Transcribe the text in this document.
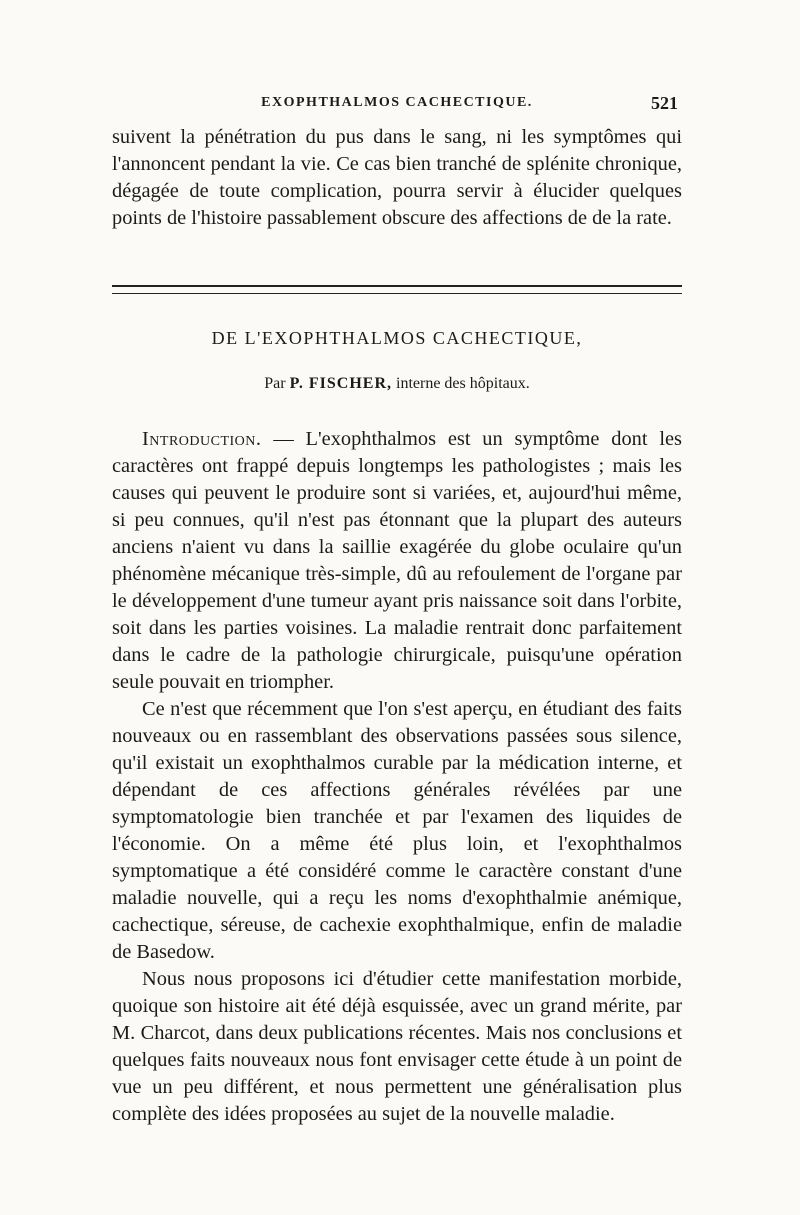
EXOPHTHALMOS CACHECTIQUE.	521

suivent la pénétration du pus dans le sang, ni les symptômes qui l'annoncent pendant la vie. Ce cas bien tranché de splénite chronique, dégagée de toute complication, pourra servir à élucider quelques points de l'histoire passablement obscure des affections de de la rate.

DE L'EXOPHTHALMOS CACHECTIQUE,
Par P. FISCHER, interne des hôpitaux.

Introduction. — L'exophthalmos est un symptôme dont les caractères ont frappé depuis longtemps les pathologistes ; mais les causes qui peuvent le produire sont si variées, et, aujourd'hui même, si peu connues, qu'il n'est pas étonnant que la plupart des auteurs anciens n'aient vu dans la saillie exagérée du globe oculaire qu'un phénomène mécanique très-simple, dû au refoulement de l'organe par le développement d'une tumeur ayant pris naissance soit dans l'orbite, soit dans les parties voisines. La maladie rentrait donc parfaitement dans le cadre de la pathologie chirurgicale, puisqu'une opération seule pouvait en triompher.

Ce n'est que récemment que l'on s'est aperçu, en étudiant des faits nouveaux ou en rassemblant des observations passées sous silence, qu'il existait un exophthalmos curable par la médication interne, et dépendant de ces affections générales révélées par une symptomatologie bien tranchée et par l'examen des liquides de l'économie. On a même été plus loin, et l'exophthalmos symptomatique a été considéré comme le caractère constant d'une maladie nouvelle, qui a reçu les noms d'exophthalmie anémique, cachectique, séreuse, de cachexie exophthalmique, enfin de maladie de Basedow.

Nous nous proposons ici d'étudier cette manifestation morbide, quoique son histoire ait été déjà esquissée, avec un grand mérite, par M. Charcot, dans deux publications récentes. Mais nos conclusions et quelques faits nouveaux nous font envisager cette étude à un point de vue un peu différent, et nous permettent une généralisation plus complète des idées proposées au sujet de la nouvelle maladie.
